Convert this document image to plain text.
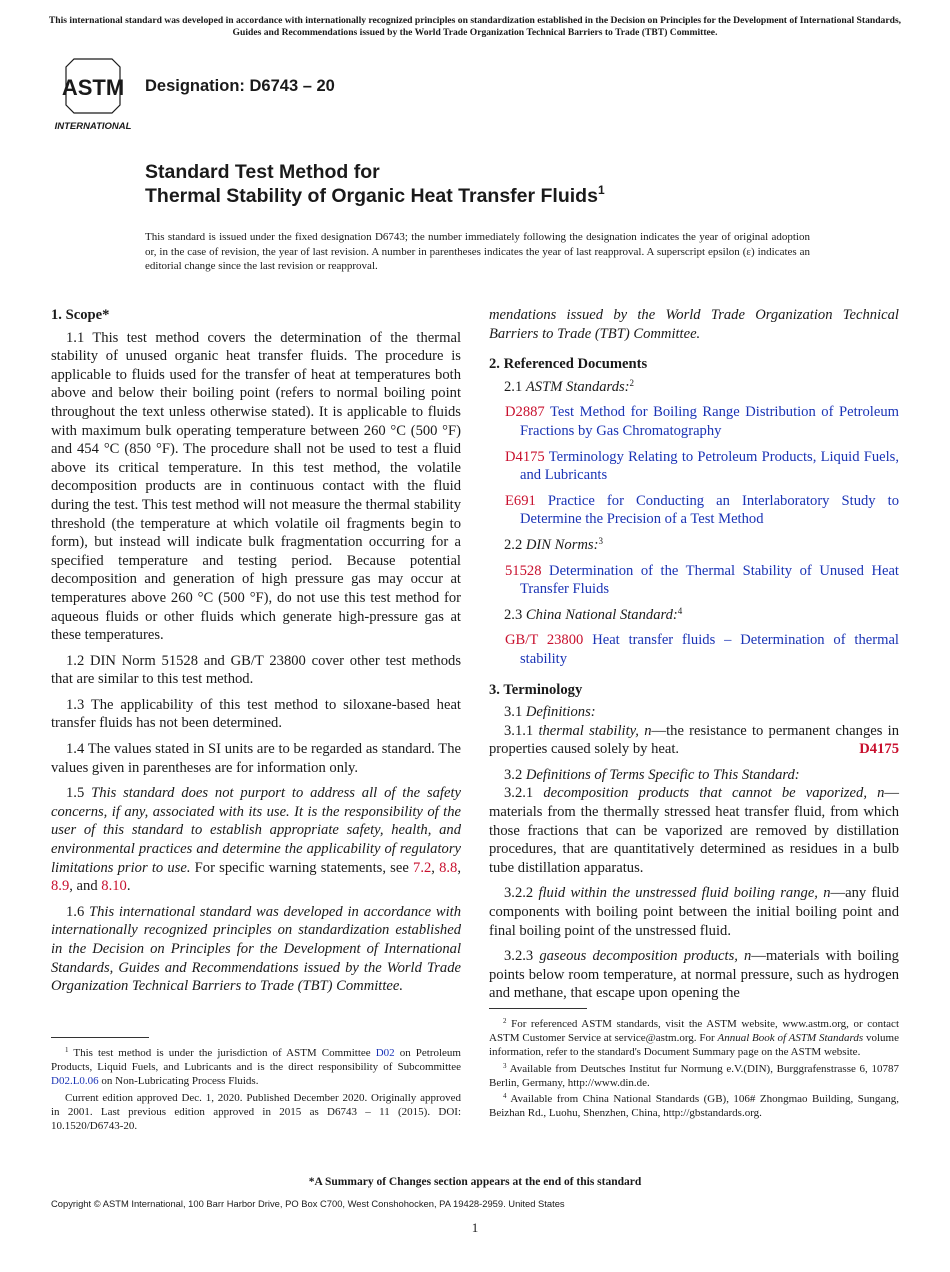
This international standard was developed in accordance with internationally recognized principles on standardization established in the Decision on Principles for the Development of International Standards, Guides and Recommendations issued by the World Trade Organization Technical Barriers to Trade (TBT) Committee.
ASTM
INTERNATIONAL
Designation: D6743 – 20
Standard Test Method for
Thermal Stability of Organic Heat Transfer Fluids$^1$
This standard is issued under the fixed designation D6743; the number immediately following the designation indicates the year of original adoption or, in the case of revision, the year of last revision. A number in parentheses indicates the year of last reapproval. A superscript epsilon (ε) indicates an editorial change since the last revision or reapproval.
1. Scope*

1.1 This test method covers the determination of the thermal stability of unused organic heat transfer fluids. The procedure is applicable to fluids used for the transfer of heat at temperatures both above and below their boiling point (refers to normal boiling point throughout the text unless otherwise stated). It is applicable to fluids with maximum bulk operating temperature between 260 °C (500 °F) and 454 °C (850 °F). The procedure shall not be used to test a fluid above its critical temperature. In this test method, the volatile decomposition products are in continuous contact with the fluid during the test. This test method will not measure the thermal stability threshold (the temperature at which volatile oil fragments begin to form), but instead will indicate bulk fragmentation occurring for a specified temperature and testing period. Because potential decomposition and generation of high pressure gas may occur at temperatures above 260 °C (500 °F), do not use this test method for aqueous fluids or other fluids which generate high-pressure gas at these temperatures.

1.2 DIN Norm 51528 and GB/T 23800 cover other test methods that are similar to this test method.

1.3 The applicability of this test method to siloxane-based heat transfer fluids has not been determined.

1.4 The values stated in SI units are to be regarded as standard. The values given in parentheses are for information only.

1.5 This standard does not purport to address all of the safety concerns, if any, associated with its use. It is the responsibility of the user of this standard to establish appropriate safety, health, and environmental practices and determine the applicability of regulatory limitations prior to use. For specific warning statements, see 7.2, 8.8, 8.9, and 8.10.

1.6 This international standard was developed in accordance with internationally recognized principles on standardization established in the Decision on Principles for the Development of International Standards, Guides and Recommendations issued by the World Trade Organization Technical Barriers to Trade (TBT) Committee.

$^1$ This test method is under the jurisdiction of ASTM Committee D02 on Petroleum Products, Liquid Fuels, and Lubricants and is the direct responsibility of Subcommittee D02.L0.06 on Non-Lubricating Process Fluids.

Current edition approved Dec. 1, 2020. Published December 2020. Originally approved in 2001. Last previous edition approved in 2015 as D6743 – 11 (2015). DOI: 10.1520/D6743-20.

mendations issued by the World Trade Organization Technical Barriers to Trade (TBT) Committee.

2. Referenced Documents

2.1 ASTM Standards:$^2$

D2887 Test Method for Boiling Range Distribution of Petroleum Fractions by Gas Chromatography

D4175 Terminology Relating to Petroleum Products, Liquid Fuels, and Lubricants

E691 Practice for Conducting an Interlaboratory Study to Determine the Precision of a Test Method

2.2 DIN Norms:$^3$

51528 Determination of the Thermal Stability of Unused Heat Transfer Fluids

2.3 China National Standard:$^4$

GB/T 23800 Heat transfer fluids – Determination of thermal stability

3. Terminology

3.1 Definitions:

3.1.1 thermal stability, n—the resistance to permanent changes in properties caused solely by heat.	D4175

3.2 Definitions of Terms Specific to This Standard:

3.2.1 decomposition products that cannot be vaporized, n—materials from the thermally stressed heat transfer fluid, from which those fractions that can be vaporized are removed by distillation procedures, that are quantitatively determined as residues in a bulb tube distillation apparatus.

3.2.2 fluid within the unstressed fluid boiling range, n—any fluid components with boiling point between the initial boiling point and final boiling point of the unstressed fluid.

3.2.3 gaseous decomposition products, n—materials with boiling points below room temperature, at normal pressure, such as hydrogen and methane, that escape upon opening the

$^2$ For referenced ASTM standards, visit the ASTM website, www.astm.org, or contact ASTM Customer Service at service@astm.org. For Annual Book of ASTM Standards volume information, refer to the standard's Document Summary page on the ASTM website.

$^3$ Available from Deutsches Institut fur Normung e.V.(DIN), Burggrafenstrasse 6, 10787 Berlin, Germany, http://www.din.de.

$^4$ Available from China National Standards (GB), 106# Zhongmao Building, Sungang, Beizhan Rd., Luohu, Shenzhen, China, http://gbstandards.org.

*A Summary of Changes section appears at the end of this standard
Copyright © ASTM International, 100 Barr Harbor Drive, PO Box C700, West Conshohocken, PA 19428-2959. United States
1
